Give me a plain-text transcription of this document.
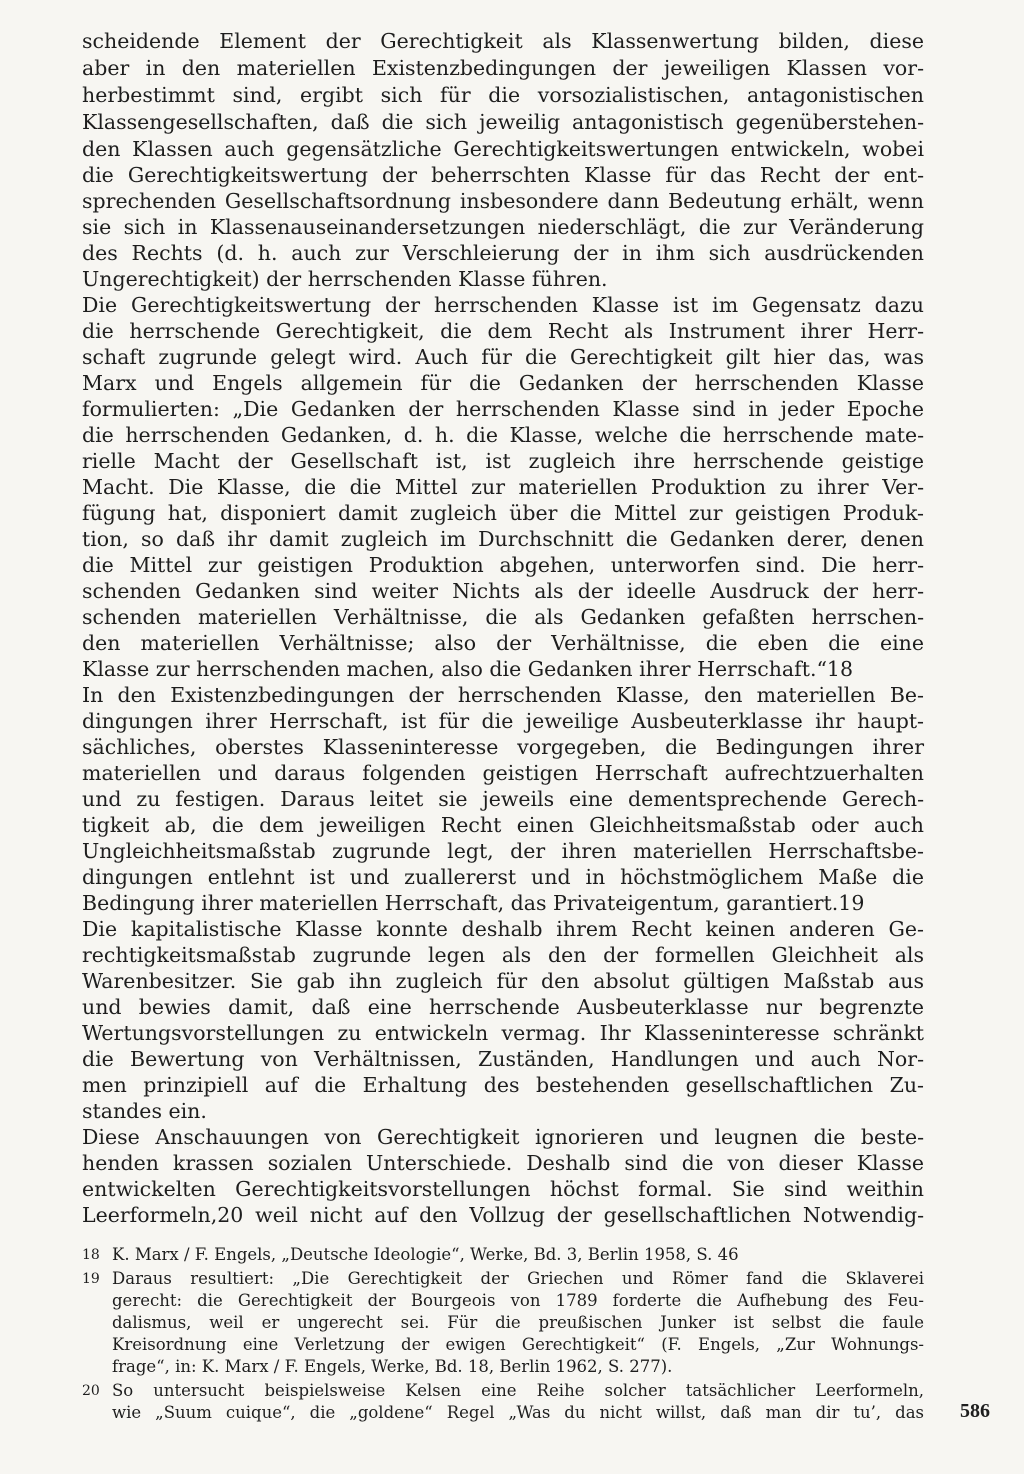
scheidende Element der Gerechtigkeit als Klassenwertung bilden, diese
aber in den materiellen Existenzbedingungen der jeweiligen Klassen vor-
herbestimmt sind, ergibt sich für die vorsozialistischen, antagonistischen
Klassengesellschaften, daß die sich jeweilig antagonistisch gegenüberstehen-
den Klassen auch gegensätzliche Gerechtigkeitswertungen entwickeln, wobei
die Gerechtigkeitswertung der beherrschten Klasse für das Recht der ent-
sprechenden Gesellschaftsordnung insbesondere dann Bedeutung erhält, wenn
sie sich in Klassenauseinandersetzungen niederschlägt, die zur Veränderung
des Rechts (d. h. auch zur Verschleierung der in ihm sich ausdrückenden
Ungerechtigkeit) der herrschenden Klasse führen.
Die Gerechtigkeitswertung der herrschenden Klasse ist im Gegensatz dazu
die herrschende Gerechtigkeit, die dem Recht als Instrument ihrer Herr-
schaft zugrunde gelegt wird. Auch für die Gerechtigkeit gilt hier das, was
Marx und Engels allgemein für die Gedanken der herrschenden Klasse
formulierten: „Die Gedanken der herrschenden Klasse sind in jeder Epoche
die herrschenden Gedanken, d. h. die Klasse, welche die herrschende mate-
rielle Macht der Gesellschaft ist, ist zugleich ihre herrschende geistige
Macht. Die Klasse, die die Mittel zur materiellen Produktion zu ihrer Ver-
fügung hat, disponiert damit zugleich über die Mittel zur geistigen Produk-
tion, so daß ihr damit zugleich im Durchschnitt die Gedanken derer, denen
die Mittel zur geistigen Produktion abgehen, unterworfen sind. Die herr-
schenden Gedanken sind weiter Nichts als der ideelle Ausdruck der herr-
schenden materiellen Verhältnisse, die als Gedanken gefaßten herrschen-
den materiellen Verhältnisse; also der Verhältnisse, die eben die eine
Klasse zur herrschenden machen, also die Gedanken ihrer Herrschaft.“18
In den Existenzbedingungen der herrschenden Klasse, den materiellen Be-
dingungen ihrer Herrschaft, ist für die jeweilige Ausbeuterklasse ihr haupt-
sächliches, oberstes Klasseninteresse vorgegeben, die Bedingungen ihrer
materiellen und daraus folgenden geistigen Herrschaft aufrechtzuerhalten
und zu festigen. Daraus leitet sie jeweils eine dementsprechende Gerech-
tigkeit ab, die dem jeweiligen Recht einen Gleichheitsmaßstab oder auch
Ungleichheitsmaßstab zugrunde legt, der ihren materiellen Herrschaftsbe-
dingungen entlehnt ist und zuallererst und in höchstmöglichem Maße die
Bedingung ihrer materiellen Herrschaft, das Privateigentum, garantiert.19
Die kapitalistische Klasse konnte deshalb ihrem Recht keinen anderen Ge-
rechtigkeitsmaßstab zugrunde legen als den der formellen Gleichheit als
Warenbesitzer. Sie gab ihn zugleich für den absolut gültigen Maßstab aus
und bewies damit, daß eine herrschende Ausbeuterklasse nur begrenzte
Wertungsvorstellungen zu entwickeln vermag. Ihr Klasseninteresse schränkt
die Bewertung von Verhältnissen, Zuständen, Handlungen und auch Nor-
men prinzipiell auf die Erhaltung des bestehenden gesellschaftlichen Zu-
standes ein.
Diese Anschauungen von Gerechtigkeit ignorieren und leugnen die beste-
henden krassen sozialen Unterschiede. Deshalb sind die von dieser Klasse
entwickelten Gerechtigkeitsvorstellungen höchst formal. Sie sind weithin
Leerformeln,20 weil nicht auf den Vollzug der gesellschaftlichen Notwendig-
18 K. Marx / F. Engels, „Deutsche Ideologie“, Werke, Bd. 3, Berlin 1958, S. 46
19 Daraus resultiert: „Die Gerechtigkeit der Griechen und Römer fand die Sklaverei
gerecht: die Gerechtigkeit der Bourgeois von 1789 forderte die Aufhebung des Feu-
dalismus, weil er ungerecht sei. Für die preußischen Junker ist selbst die faule
Kreisordnung eine Verletzung der ewigen Gerechtigkeit“ (F. Engels, „Zur Wohnungs-
frage“, in: K. Marx / F. Engels, Werke, Bd. 18, Berlin 1962, S. 277).
20 So untersucht beispielsweise Kelsen eine Reihe solcher tatsächlicher Leerformeln,
wie „Suum cuique“, die „goldene“ Regel „Was du nicht willst, daß man dir tu’, das 586
